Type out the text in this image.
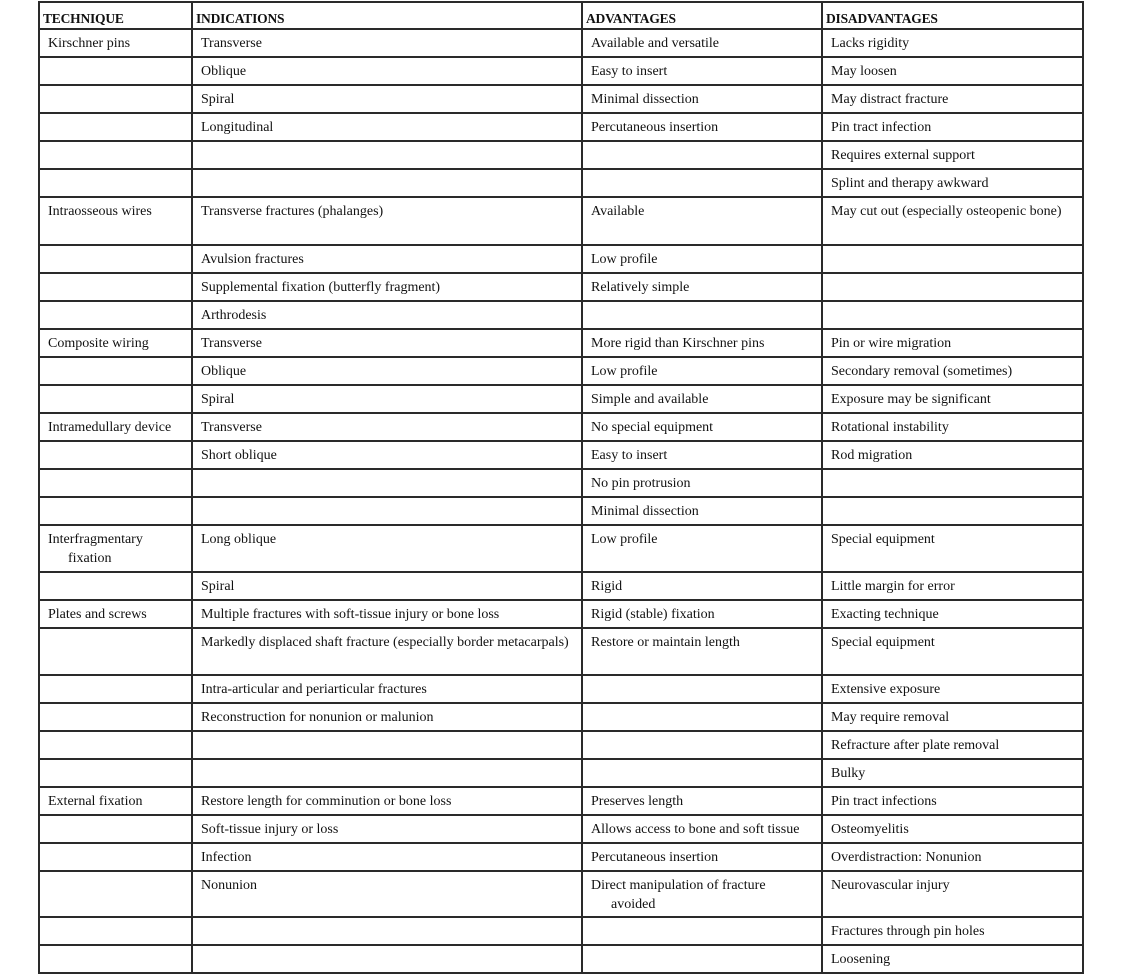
TECHNIQUE	INDICATIONS	ADVANTAGES	DISADVANTAGES

Kirschner pins	Transverse	Available and versatile	Lacks rigidity

	Oblique	Easy to insert	May loosen

	Spiral	Minimal dissection	May distract fracture

	Longitudinal	Percutaneous insertion	Pin tract infection

			Requires external support

			Splint and therapy awkward

Intraosseous wires	Transverse fractures (phalanges)	Available	May cut out (especially osteopenic bone)

	Avulsion fractures	Low profile	

	Supplemental fixation (butterfly fragment)	Relatively simple	

	Arthrodesis		

Composite wiring	Transverse	More rigid than Kirschner pins	Pin or wire migration

	Oblique	Low profile	Secondary removal (sometimes)

	Spiral	Simple and available	Exposure may be significant

Intramedullary device	Transverse	No special equipment	Rotational instability

	Short oblique	Easy to insert	Rod migration

		No pin protrusion	

		Minimal dissection	

Interfragmentary fixation	Long oblique	Low profile	Special equipment

	Spiral	Rigid	Little margin for error

Plates and screws	Multiple fractures with soft-tissue injury or bone loss	Rigid (stable) fixation	Exacting technique

	Markedly displaced shaft fracture (especially border metacarpals)	Restore or maintain length	Special equipment

	Intra-articular and periarticular fractures		Extensive exposure

	Reconstruction for nonunion or malunion		May require removal

			Refracture after plate removal

			Bulky

External fixation	Restore length for comminution or bone loss	Preserves length	Pin tract infections

	Soft-tissue injury or loss	Allows access to bone and soft tissue	Osteomyelitis

	Infection	Percutaneous insertion	Overdistraction: Nonunion

	Nonunion	Direct manipulation of fracture avoided	Neurovascular injury

			Fractures through pin holes

			Loosening
